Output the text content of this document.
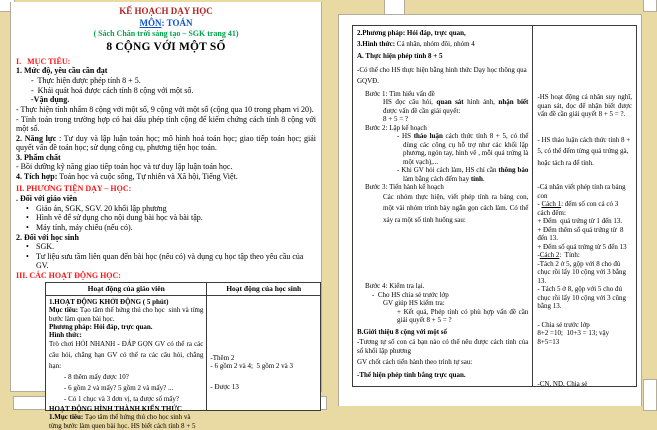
KẾ HOẠCH DẠY HỌC
MÔN: TOÁN
( Sách Chân trời sáng tạo – SGK trang 41)
8 CỘNG VỚI MỘT SỐ
I.   MỤC TIÊU:
1. Mức độ, yêu cầu cần đạt
-  Thực hiện được phép tính 8 + 5.
-  Khái quát hoá được cách tính 8 cộng với một số.
-Vận dụng.
- Thực hiện tính nhẩm 8 cộng với một số, 9 cộng với một số (cộng qua 10 trong phạm vi 20).
- Tính toán trong trường hợp có hai dấu phép tính cộng để kiểm chứng cách tính 8 cộng với một số.
2. Năng lực : Tư duy và lập luận toán học; mô hình hoá toán học; giao tiếp toán học; giải quyết vấn đề toán học; sử dụng công cụ, phương tiện học toán.
3. Phẩm chất
- Bồi dưỡng kỹ năng giao tiếp toán học và tư duy lập luận toán học.
4. Tích hợp: Toán học và cuộc sống, Tự nhiên và Xã hội, Tiếng Việt.
II. PHƯƠNG TIỆN DẠY – HỌC:
. Đối với giáo viên
• Giáo án, SGK, SGV. 20 khối lập phương
• Hình vẽ để sử dụng cho nội dung bài học và bài tập.
• Máy tính, máy chiếu (nếu có).
2. Đối với học sinh
• SGK.
• Tư liệu sưu tầm liên quan đến bài học (nếu có) và dụng cụ học tập theo yêu cầu của GV.
III. CÁC HOẠT ĐỘNG HỌC:
Hoạt động của giáo viên	Hoạt động của học sinh
1.HOẠT ĐỘNG KHỞI ĐỘNG ( 5 phút)
Mục tiêu: Tạo tâm thế hứng thú cho học  sinh và từng bước làm quen bài học.
Phương pháp: Hỏi đáp, trực quan.
Hình thức:
Trò chơi HỎI NHANH - ĐÁP GỌN GV có thể ra các câu hỏi, chẳng hạn GV có thể ra các câu hỏi, chẳng hạn:
- 8 thêm mấy được 10?
- 6 gồm 2 và mấy? 5 gồm 2 và mấy? ...
- Có 1 chục và 3 đơn vị, ta được số mấy?
HOẠT ĐỘNG HÌNH THÀNH KIẾN THỨC
1.Mục tiêu: Tạo tâm thế hứng thú cho học sinh và từng bước làm quen bài học. HS biết cách tính 8 + 5
-Thêm 2
- 6 gồm 2 và 4;  5 gồm 2 và 3
- Được 13
2.Phương pháp: Hỏi đáp, trực quan,
3.Hình thức: Cá nhân, nhóm đôi, nhóm 4
A. Thực hiện phép tính 8 + 5
-Có thể cho HS thực hiện bằng hình thức Dạy học thông qua GQVĐ.
Bước 1: Tìm hiểu vấn đề
HS đọc câu hỏi, quan sát hình ảnh, nhận biết được vấn đề cần giải quyết:
8 + 5 = ?
Bước 2: Lập kế hoạch
- HS thảo luận cách thức tính 8 + 5, có thể dùng các công cụ hỗ trợ như các khối lập phương, ngón tay, hình vẽ , mỗi quả trứng là một vạch),...
- Khi GV hỏi cách làm, HS chỉ cần thông báo làm bằng cách đếm hay tính.
Bước 3: Tiến hành kế hoạch
Các nhóm thực hiện, viết phép tính ra bảng con, một vài nhóm trình bày ngắn gọn cách làm. Có thể xảy ra một số tình huống sau:
Bước 4: Kiểm tra lại.
-  Cho HS chia sẻ trước lớp
GV giúp HS kiểm tra:
+ Kết quả, Phép tính có phù hợp vấn đề cần giải quyết 8 + 5 = ?
B.Giới thiệu 8 cộng với một số
-Tương tự số con cá bạn nào có thể nêu được cách tính của số khối lập phương
GV chốt cách tiến hành theo trình tự sau:
-Thể hiện phép tính bằng trực quan.
-HS hoạt động cá nhân suy nghĩ, quan sát, đọc để nhận biết được vấn đề cần giải quyết 8 + 5 = ?.
- HS thảo luận cách thức tính 8 + 5, có thể đếm từng quả trứng gà, hoặc tách ra để tính.
-Cá nhân viết phép tính ra bảng con
- Cách 1: đếm số con cá có 3 cách đếm:
+ Đếm  quả trứng từ 1 đến 13.
+ Đếm thêm số quả trứng từ  8 đến 13.
+ Đếm số quả trứng từ 5 đến 13
-Cách 2:  Tính:
-Tách 2 ở 5, gộp với 8 cho đủ chục rồi lấy 10 cộng với 3 bằng  13.
- Tách 5 ở 8, gộp với 5 cho đủ chục rồi lấy 10 cộng với 3 cũng bằng 13.
- Chia sẻ trước lớp
8+2 =10;  10+3 = 13; vậy 8+5=13
-CN, ND, Chia sẻ
